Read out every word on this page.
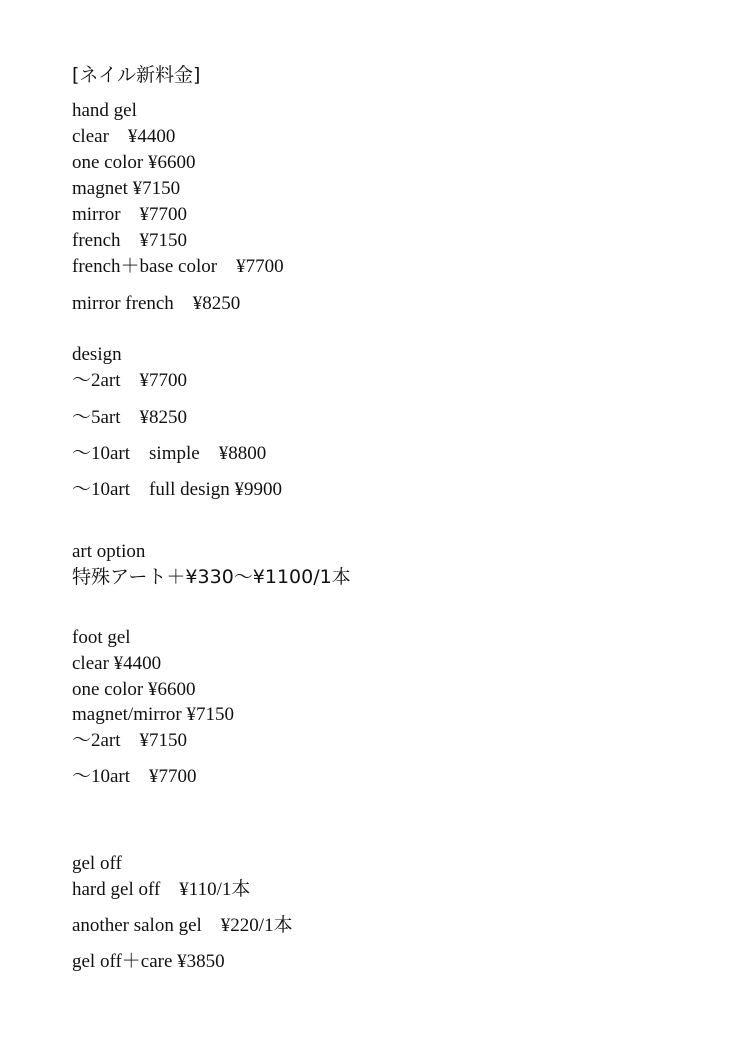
[ネイル新料金]

hand gel

clear　¥4400

one color ¥6600

magnet ¥7150

mirror　¥7700

french　¥7150

french＋base color　¥7700

mirror french　¥8250

design

〜2art　¥7700

〜5art　¥8250

〜10art　simple　¥8800

〜10art　full design ¥9900

art option

特殊アート＋¥330〜¥1100/1本

foot gel

clear ¥4400

one color ¥6600

magnet/mirror ¥7150

〜2art　¥7150

〜10art　¥7700

gel off

hard gel off　¥110/1本

another salon gel　¥220/1本

gel off＋care ¥3850
